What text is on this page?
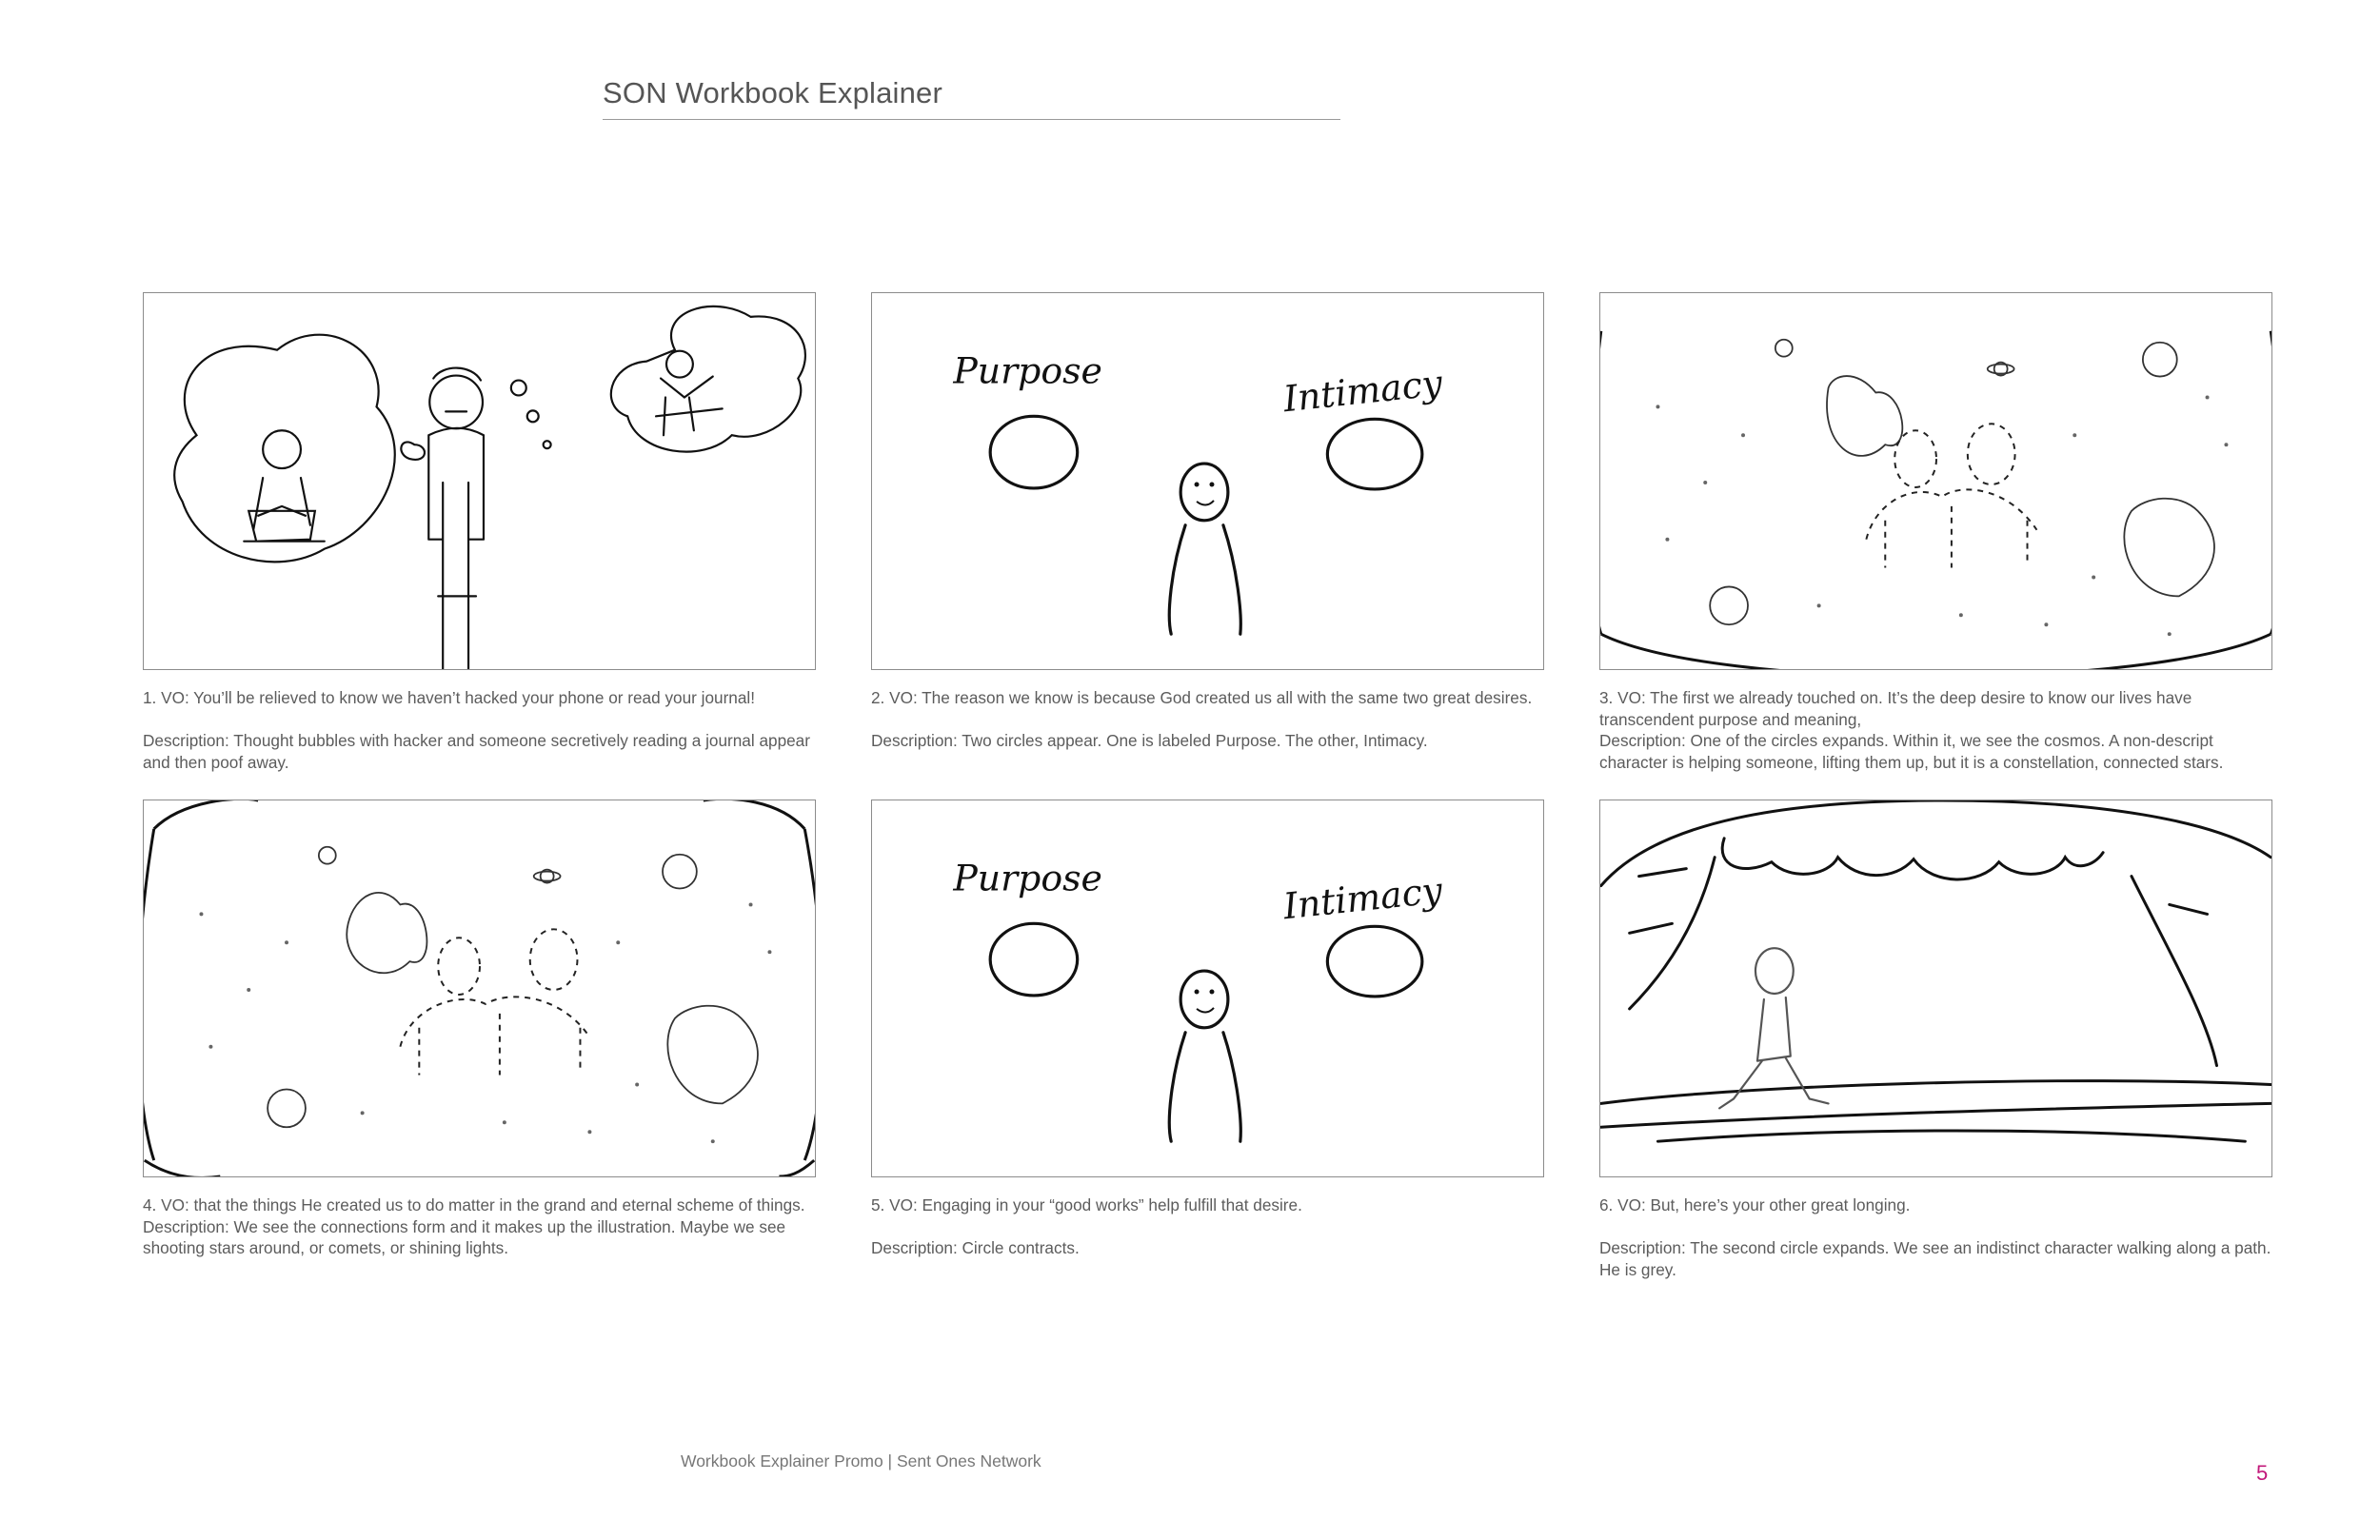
SON Workbook Explainer

1. VO: You’ll be relieved to know we haven’t hacked your phone or read your journal!

Description: Thought bubbles with hacker and someone secretively reading a journal appear and then poof away.

Purpose	Intimacy

2. VO: The reason we know is because God created us all with the same two great desires.

Description: Two circles appear. One is labeled Purpose. The other, Intimacy.

3. VO: The first we already touched on. It’s the deep desire to know our lives have transcendent purpose and meaning,

Description: One of the circles expands. Within it, we see the cosmos. A non-descript character is helping someone, lifting them up, but it is a constellation, connected stars.

4. VO: that the things He created us to do matter in the grand and eternal scheme of things.

Description: We see the connections form and it makes up the illustration. Maybe we see shooting stars around, or comets, or shining lights.

Purpose	Intimacy

5. VO: Engaging in your “good works” help fulfill that desire.

Description: Circle contracts.

6. VO: But, here’s your other great longing.

Description: The second circle expands. We see an indistinct character walking along a path. He is grey.

Workbook Explainer Promo | Sent Ones Network	5
